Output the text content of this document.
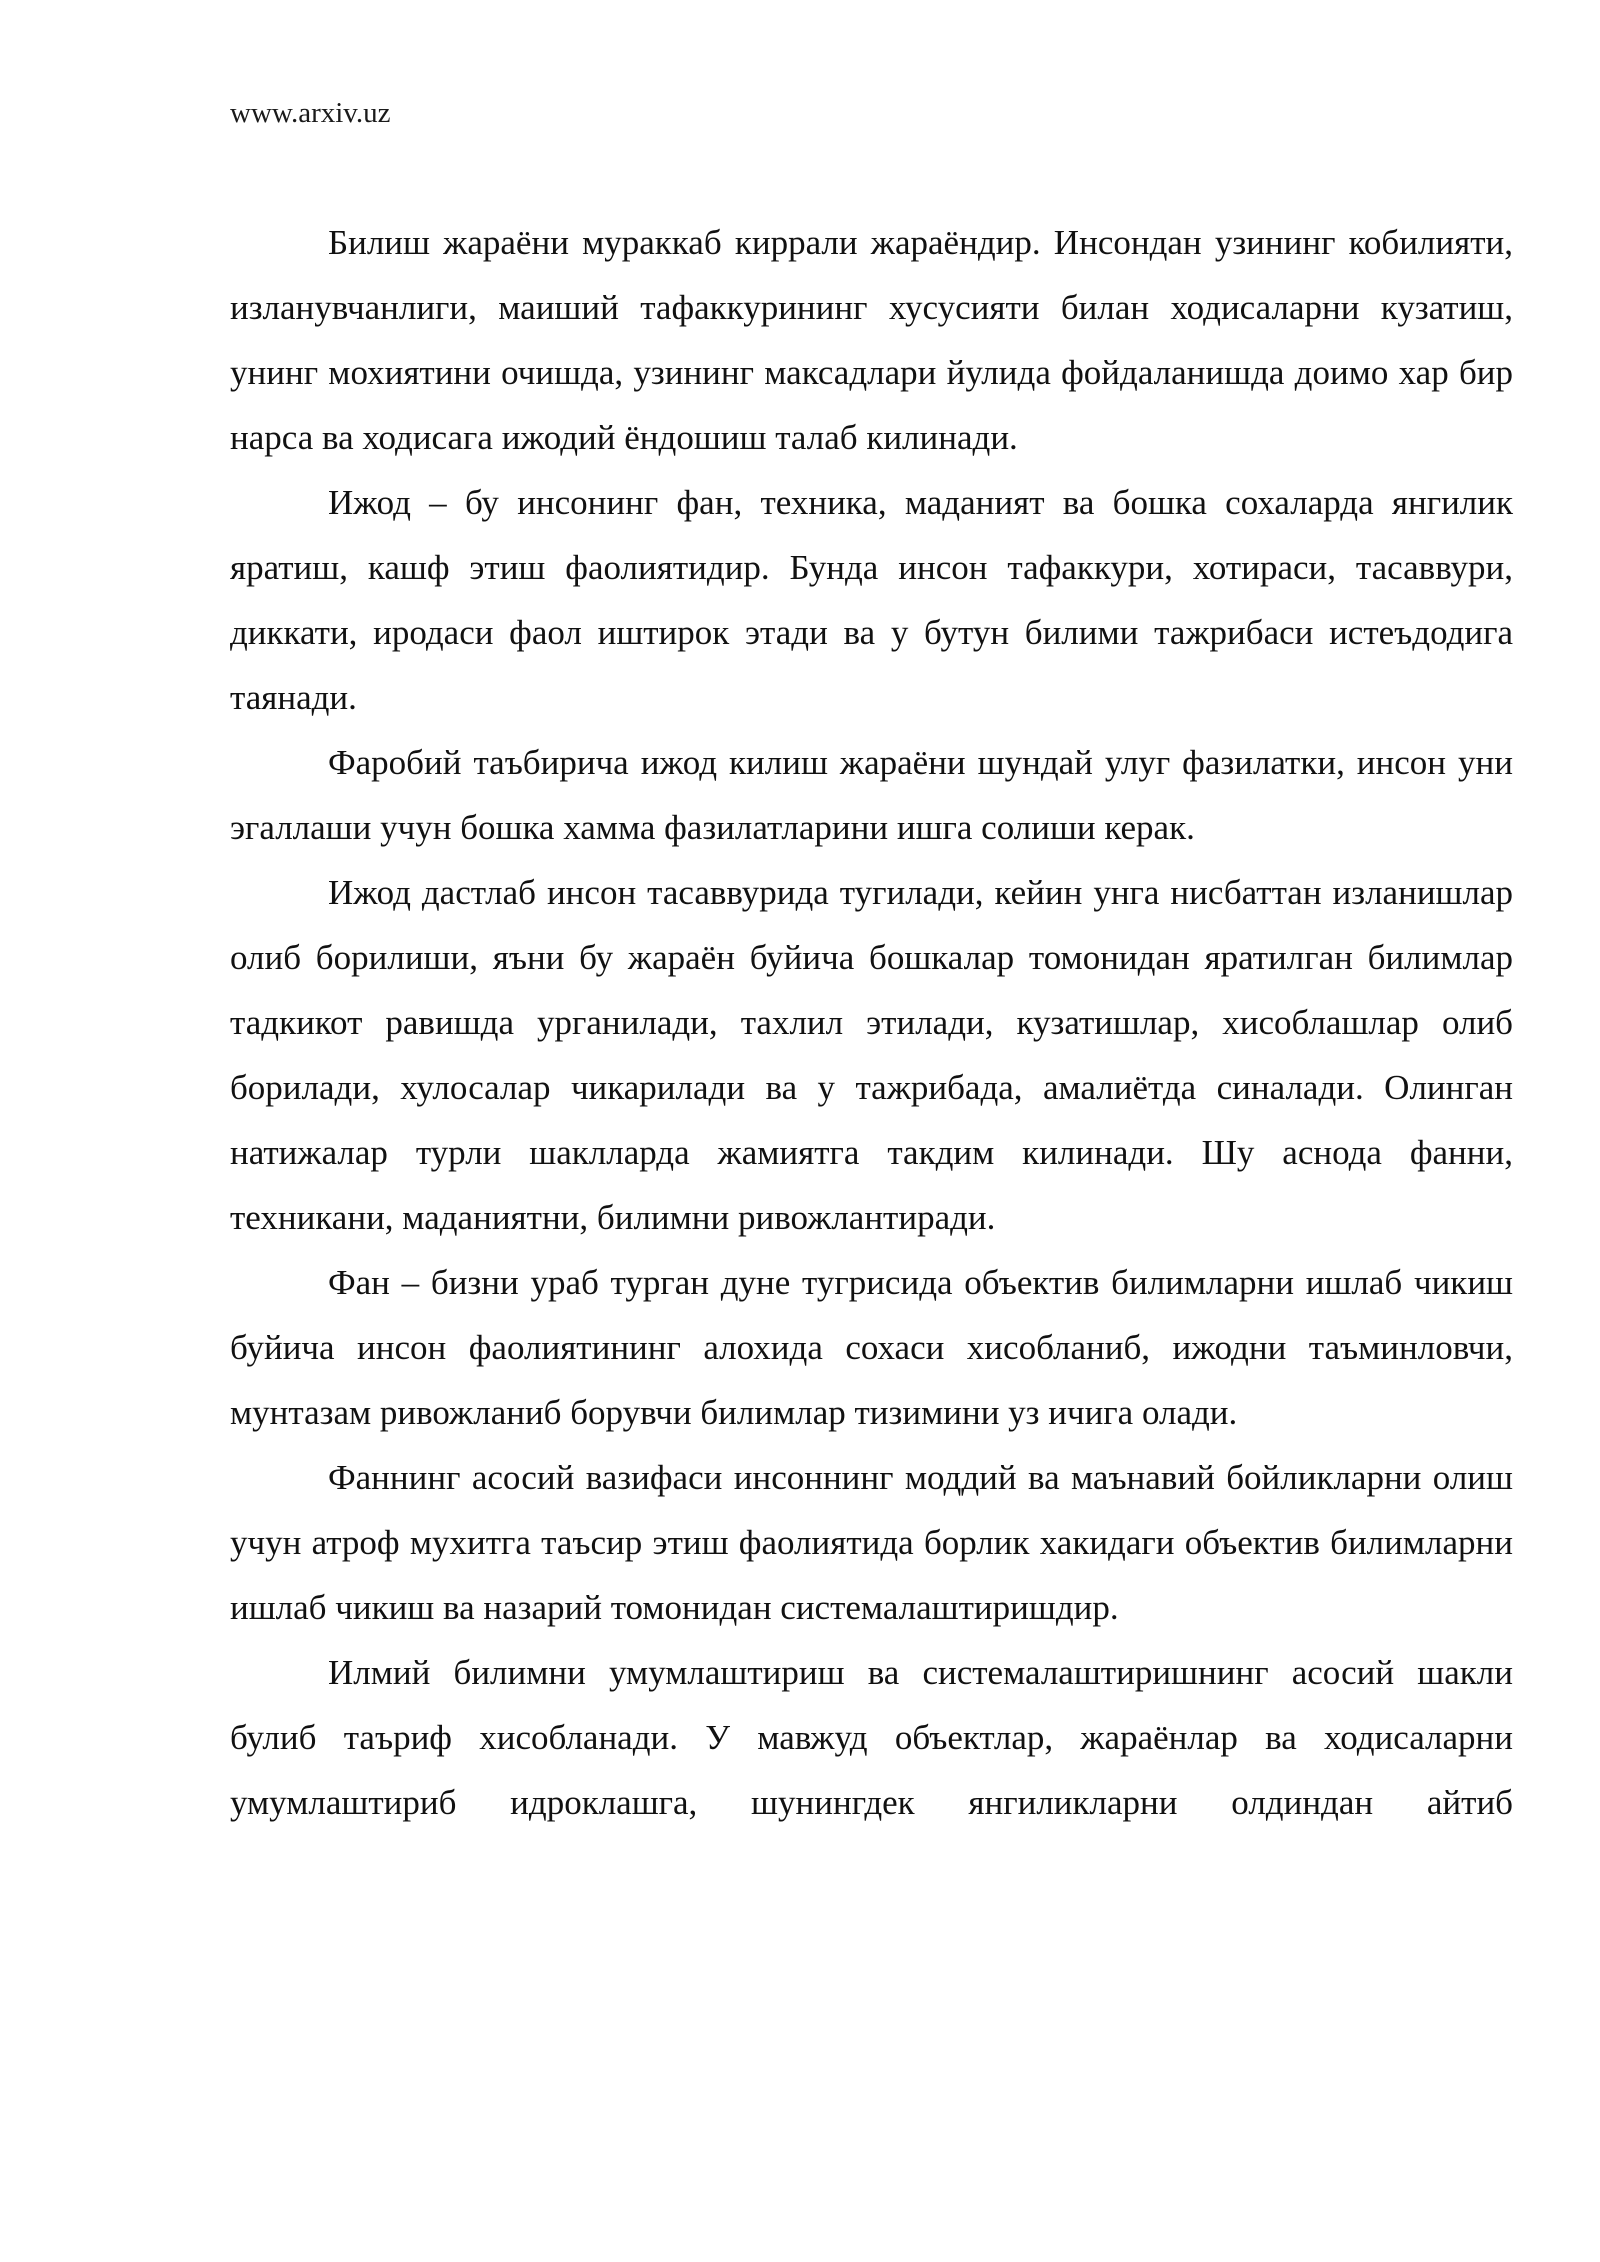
www.arxiv.uz

Билиш жараёни мураккаб киррали жараёндир. Инсондан узининг кобилияти, изланувчанлиги, маиший тафаккурининг хусусияти билан ходисаларни кузатиш, унинг мохиятини очишда, узининг максадлари йулида фойдаланишда доимо хар бир нарса ва ходисага ижодий ёндошиш талаб килинади.

Ижод – бу инсонинг фан, техника, маданият ва бошка сохаларда янгилик яратиш, кашф этиш фаолиятидир. Бунда инсон тафаккури, хотираси, тасаввури, диккати, иродаси фаол иштирок этади ва у бутун билими тажрибаси истеъдодига таянади.

Фаробий таъбирича ижод килиш жараёни шундай улуг фазилатки, инсон уни эгаллаши учун бошка хамма фазилатларини ишга солиши керак.

Ижод дастлаб инсон тасаввурида тугилади, кейин унга нисбаттан изланишлар олиб борилиши, яъни бу жараён буйича бошкалар томонидан яратилган билимлар тадкикот равишда урганилади, тахлил этилади, кузатишлар, хисоблашлар олиб борилади, хулосалар чикарилади ва у тажрибада, амалиётда синалади. Олинган натижалар турли шаклларда жамиятга такдим килинади. Шу аснода фанни, техникани, маданиятни, билимни ривожлантиради.

Фан – бизни ураб турган дуне тугрисида объектив билимларни ишлаб чикиш буйича инсон фаолиятининг алохида сохаси хисобланиб, ижодни таъминловчи, мунтазам ривожланиб борувчи билимлар тизимини уз ичига олади.

Фаннинг асосий вазифаси инсоннинг моддий ва маънавий бойликларни олиш учун атроф мухитга таъсир этиш фаолиятида борлик хакидаги объектив билимларни ишлаб чикиш ва назарий томонидан системалаштиришдир.

Илмий билимни умумлаштириш ва системалаштиришнинг асосий шакли булиб таъриф хисобланади. У мавжуд объектлар, жараёнлар ва ходисаларни умумлаштириб идроклашга, шунингдек янгиликларни олдиндан айтиб
